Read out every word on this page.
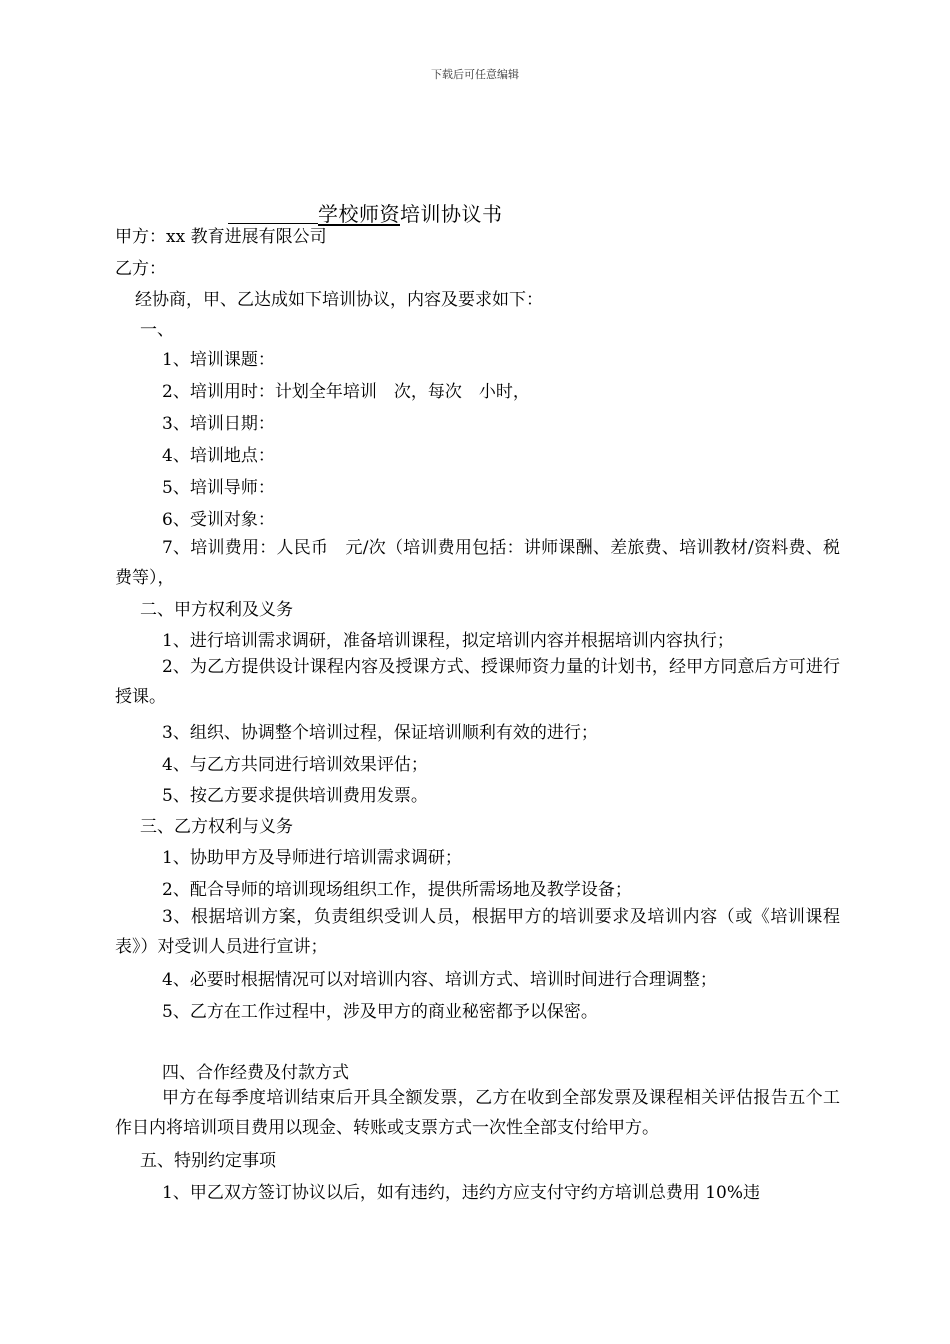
下载后可任意编辑
学校师资培训协议书
甲方：xx 教育进展有限公司
乙方：
经协商，甲、乙达成如下培训协议，内容及要求如下：
一、
1、培训课题：
2、培训用时：计划全年培训　次，每次　小时，
3、培训日期：
4、培训地点：
5、培训导师：
6、受训对象：
7、培训费用：人民币　元/次（培训费用包括：讲师课酬、差旅费、培训教材/资料费、税费等），
二、甲方权利及义务
1、进行培训需求调研，准备培训课程，拟定培训内容并根据培训内容执行；
2、为乙方提供设计课程内容及授课方式、授课师资力量的计划书，经甲方同意后方可进行授课。
3、组织、协调整个培训过程，保证培训顺利有效的进行；
4、与乙方共同进行培训效果评估；
5、按乙方要求提供培训费用发票。
三、乙方权利与义务
1、协助甲方及导师进行培训需求调研；
2、配合导师的培训现场组织工作，提供所需场地及教学设备；
3、根据培训方案，负责组织受训人员，根据甲方的培训要求及培训内容（或《培训课程表》）对受训人员进行宣讲；
4、必要时根据情况可以对培训内容、培训方式、培训时间进行合理调整；
5、乙方在工作过程中，涉及甲方的商业秘密都予以保密。
四、合作经费及付款方式
甲方在每季度培训结束后开具全额发票，乙方在收到全部发票及课程相关评估报告五个工作日内将培训项目费用以现金、转账或支票方式一次性全部支付给甲方。
五、特别约定事项
1、甲乙双方签订协议以后，如有违约，违约方应支付守约方培训总费用 10%违
